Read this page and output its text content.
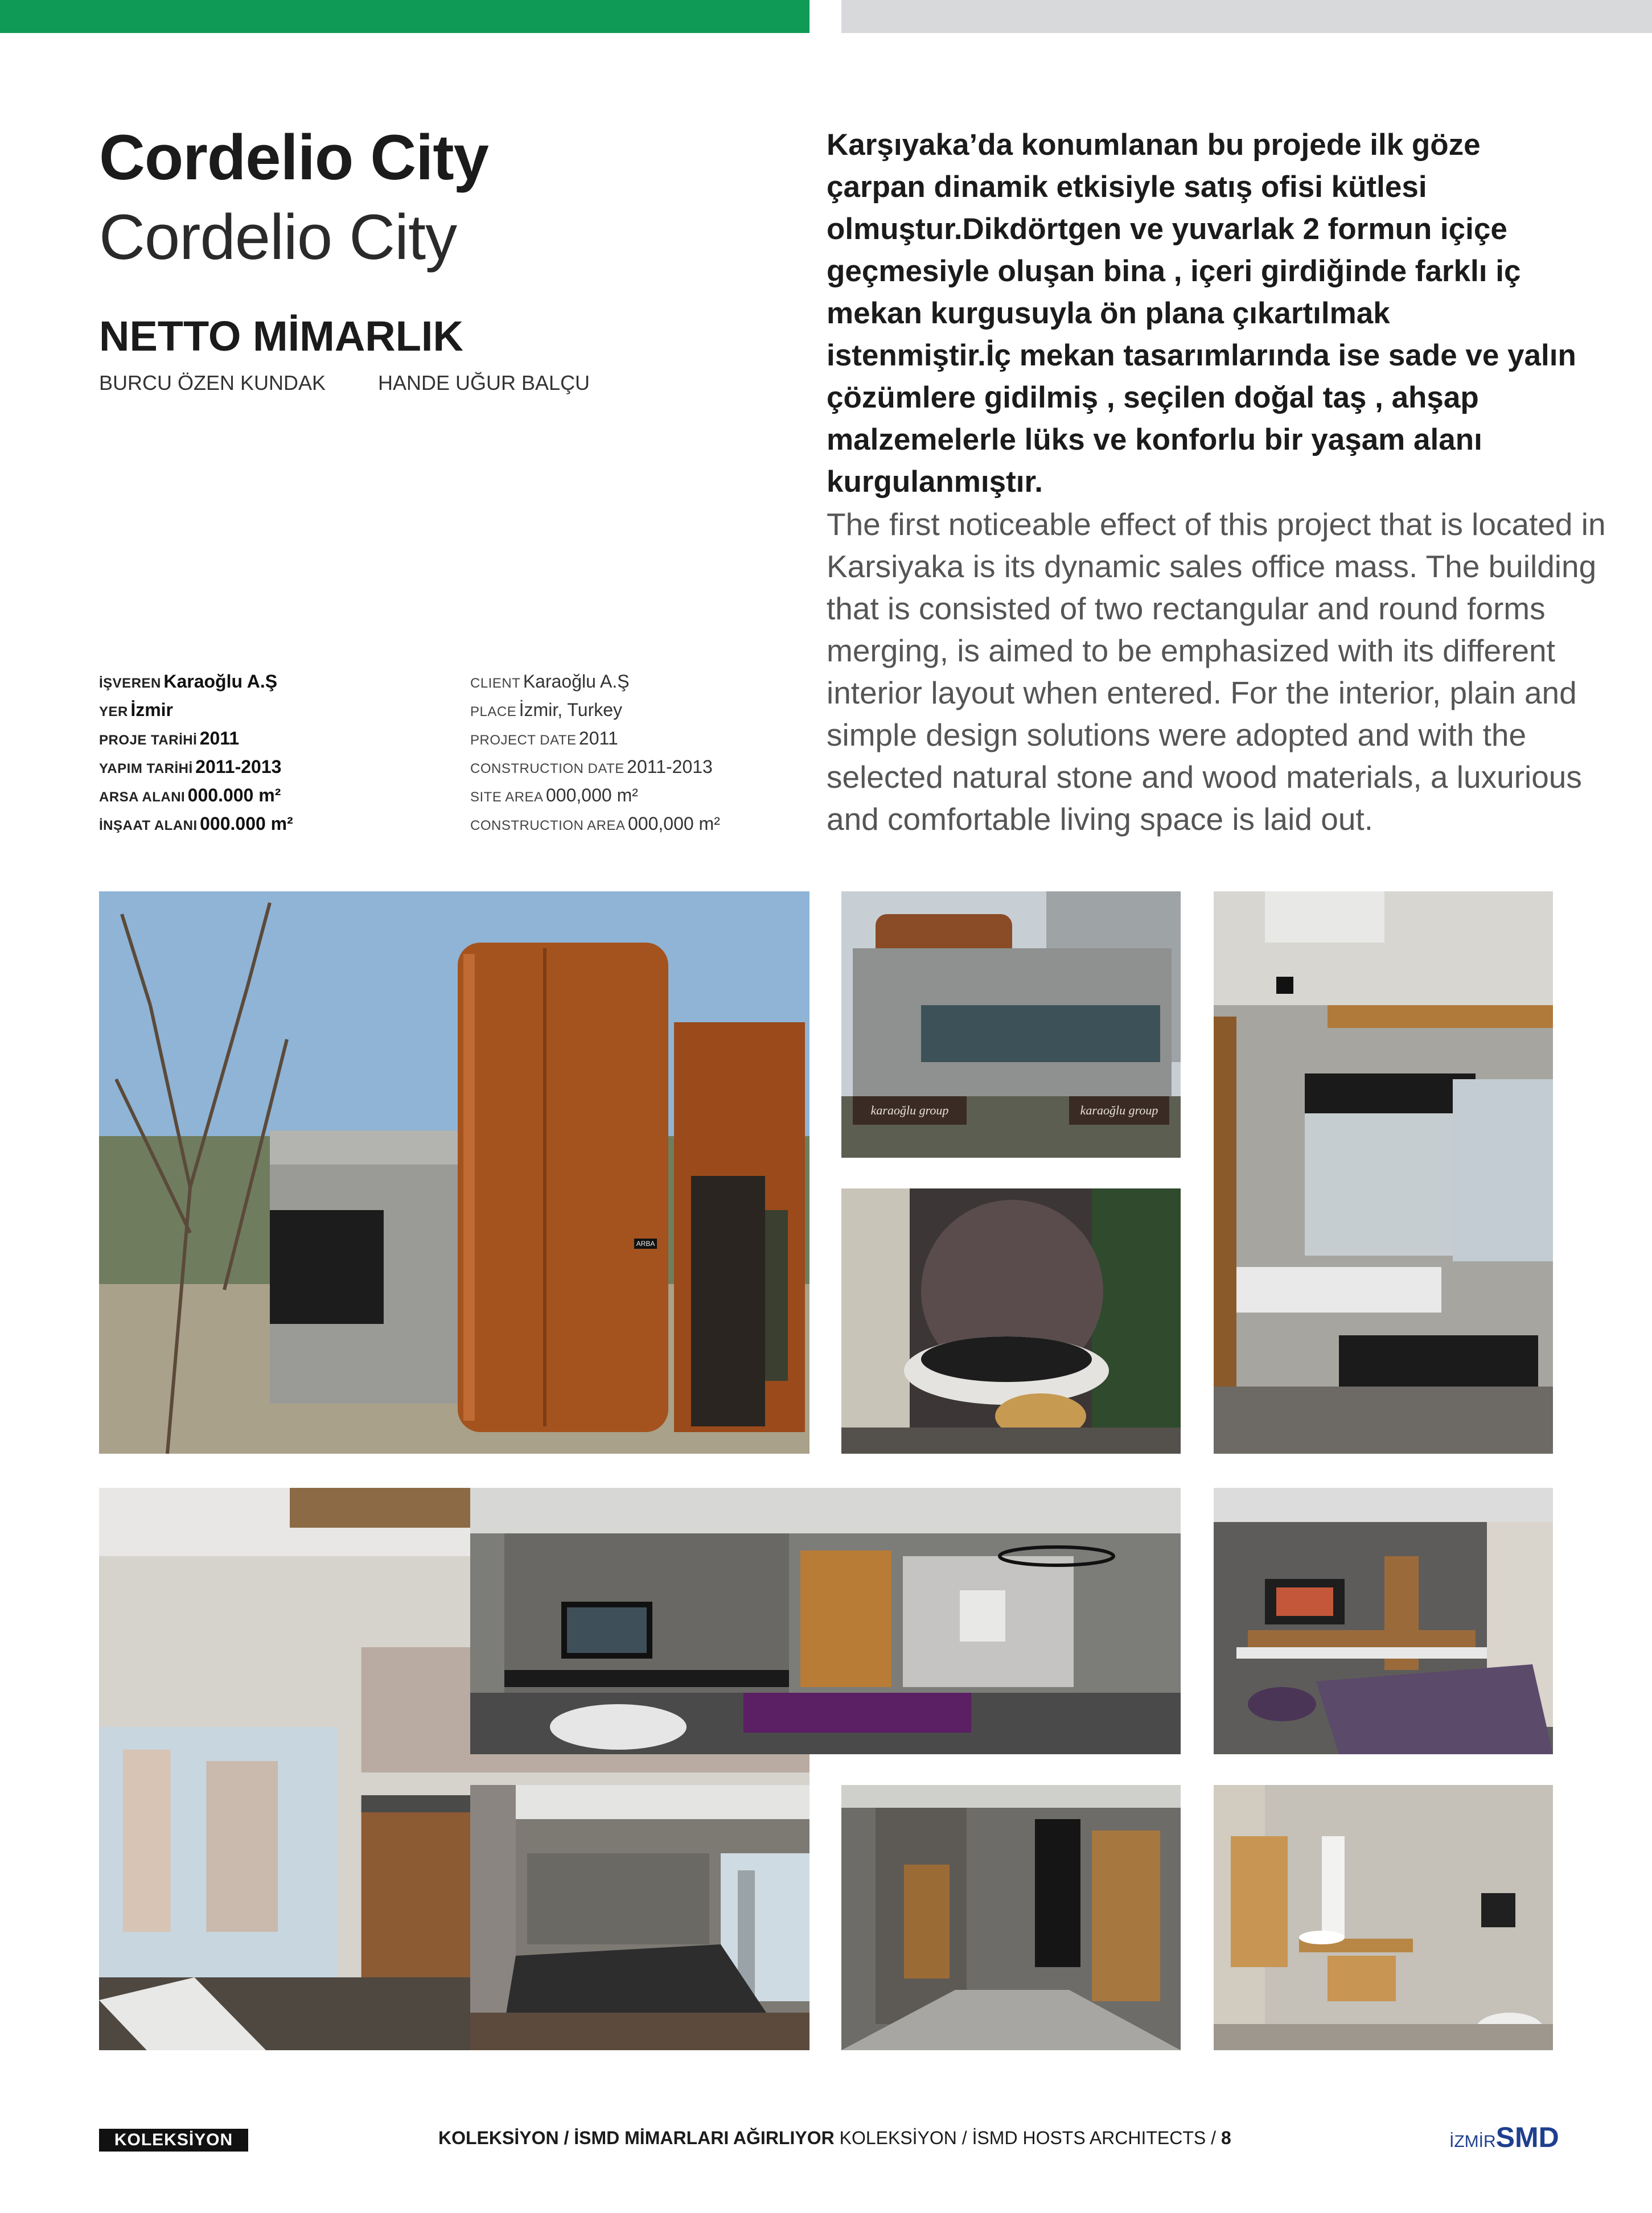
Cordelio City
Cordelio City
NETTO MİMARLIK
BURCU ÖZEN KUNDAK	HANDE UĞUR BALÇU
İŞVEREN Karaoğlu A.Ş
YER İzmir
PROJE TARİHİ 2011
YAPIM TARİHİ 2011-2013
ARSA ALANI 000.000 m²
İNŞAAT ALANI 000.000 m²
CLIENT Karaoğlu A.Ş
PLACE İzmir, Turkey
PROJECT DATE 2011
CONSTRUCTION DATE 2011-2013
SITE AREA 000,000 m²
CONSTRUCTION AREA 000,000 m²
Karşıyaka’da konumlanan bu projede ilk göze çarpan dinamik etkisiyle satış ofisi kütlesi olmuştur.Dikdörtgen ve yuvarlak 2 formun içiçe geçmesiyle oluşan bina , içeri girdiğinde farklı iç mekan kurgusuyla ön plana çıkartılmak istenmiştir.İç mekan tasarımlarında ise sade ve yalın çözümlere gidilmiş , seçilen doğal taş , ahşap malzemelerle lüks ve konforlu bir yaşam alanı kurgulanmıştır.
The first noticeable effect of this project that is located in Karsiyaka is its dynamic sales office mass. The building that is consisted of two rectangular and round forms merging, is aimed to be emphasized with its different interior layout when entered. For the interior, plain and simple design solutions were adopted and with the selected natural stone and wood materials, a luxurious and comfortable living space is laid out.
ARBA
karaoğlu group	karaoğlu group
KOLEKSİYON	KOLEKSİYON / İSMD MİMARLARI AĞIRLIYOR KOLEKSİYON / İSMD HOSTS ARCHITECTS / 8	İZMİRSMD
